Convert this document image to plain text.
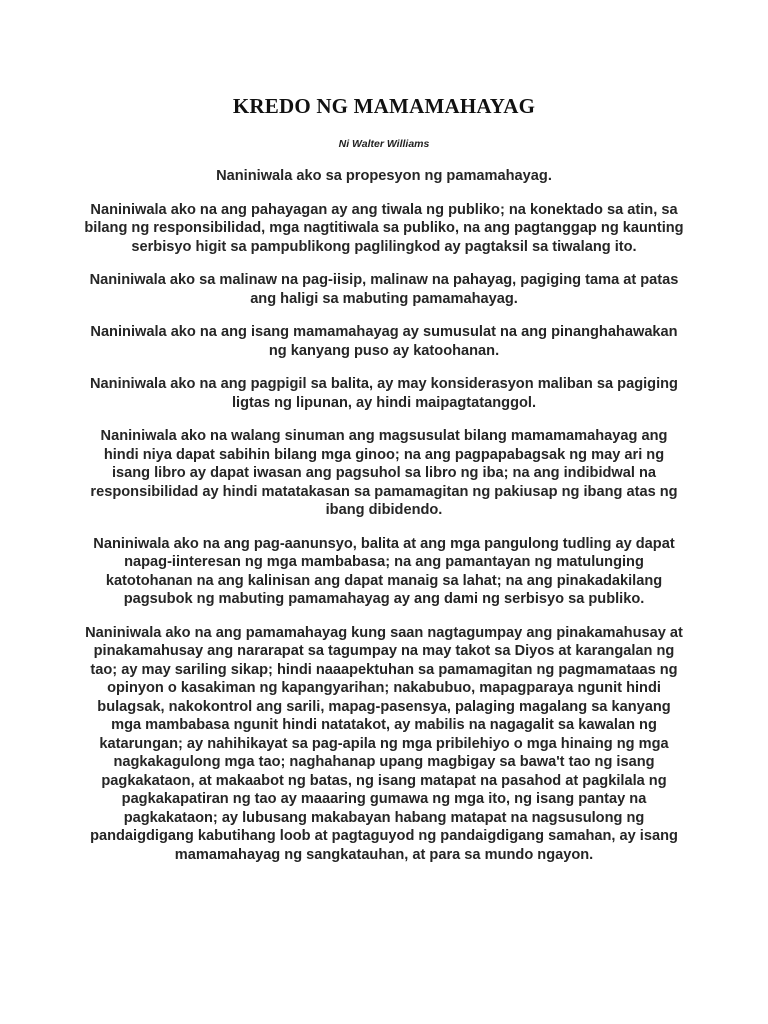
KREDO NG MAMAMAHAYAG
Ni Walter Williams

Naniniwala ako sa propesyon ng pamamahayag.

Naniniwala ako na ang pahayagan ay ang tiwala ng publiko; na konektado sa atin, sa bilang ng responsibilidad, mga nagtitiwala sa publiko, na ang pagtanggap ng kaunting serbisyo higit sa pampublikong paglilingkod ay pagtaksil sa tiwalang ito.

Naniniwala ako sa malinaw na pag-iisip, malinaw na pahayag, pagiging tama at patas ang haligi sa mabuting pamamahayag.

Naniniwala ako na ang isang mamamahayag ay sumusulat na ang pinanghahawakan ng kanyang puso ay katoohanan.

Naniniwala ako na ang pagpigil sa balita, ay may konsiderasyon maliban sa pagiging ligtas ng lipunan, ay hindi maipagtatanggol.

Naniniwala ako na walang sinuman ang magsusulat bilang mamamamahayag ang hindi niya dapat sabihin bilang mga ginoo; na ang pagpapabagsak ng may ari ng isang libro ay dapat iwasan ang pagsuhol sa libro ng iba; na ang indibidwal na responsibilidad ay hindi matatakasan sa pamamagitan ng pakiusap ng ibang atas ng ibang dibidendo.

Naniniwala ako na ang pag-aanunsyo, balita at ang mga pangulong tudling ay dapat napag-iinteresan ng mga mambabasa; na ang pamantayan ng matulunging katotohanan na ang kalinisan ang dapat manaig sa lahat; na ang pinakadakilang pagsubok ng mabuting pamamahayag ay ang dami ng serbisyo sa publiko.

Naniniwala ako na ang pamamahayag kung saan nagtagumpay ang pinakamahusay at pinakamahusay ang nararapat sa tagumpay na may takot sa Diyos at karangalan ng tao; ay may sariling sikap; hindi naaapektuhan sa pamamagitan ng pagmamataas ng opinyon o kasakiman ng kapangyarihan; nakabubuo, mapagparaya ngunit hindi bulagsak, nakokontrol ang sarili, mapag-pasensya, palaging magalang sa kanyang mga mambabasa ngunit hindi natatakot, ay mabilis na nagagalit sa kawalan ng katarungan; ay nahihikayat sa pag-apila ng mga pribilehiyo o mga hinaing ng mga nagkakagulong mga tao; naghahanap upang magbigay sa bawa't tao ng isang pagkakataon, at makaabot ng batas, ng isang matapat na pasahod at pagkilala ng pagkakapatiran ng tao ay maaaring gumawa ng mga ito, ng isang pantay na pagkakataon; ay lubusang makabayan habang matapat na nagsusulong ng pandaigdigang kabutihang loob at pagtaguyod ng pandaigdigang samahan, ay isang mamamahayag ng sangkatauhan, at para sa mundo ngayon.
